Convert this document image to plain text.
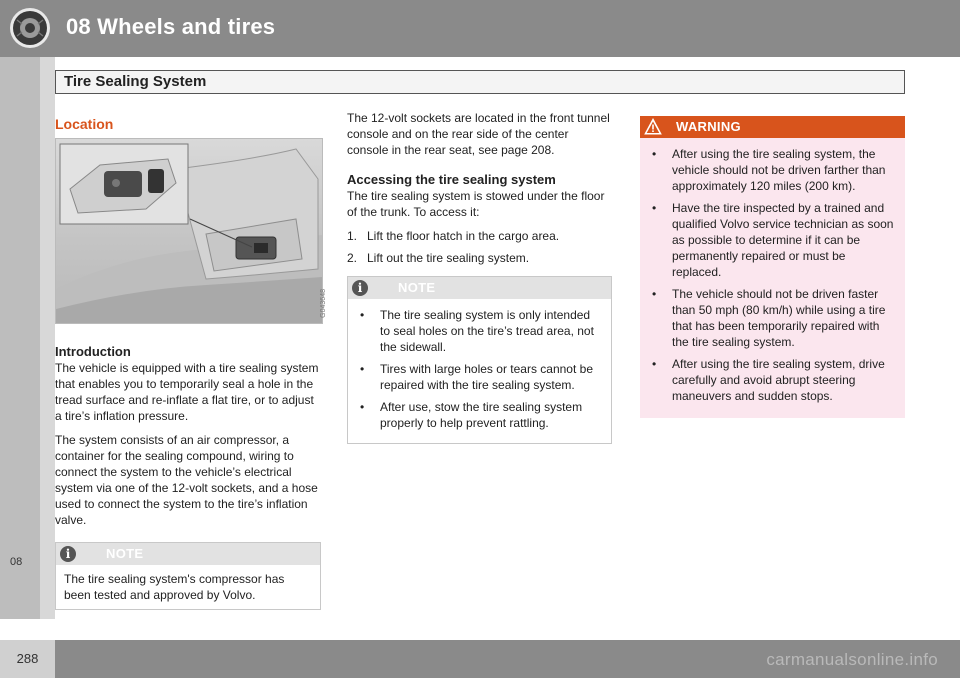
08 Wheels and tires
Tire Sealing System
08
Location
G043648
Introduction

The vehicle is equipped with a tire sealing system that enables you to temporarily seal a hole in the tread surface and re-inflate a flat tire, or to adjust a tire’s inflation pressure.

The system consists of an air compressor, a container for the sealing compound, wiring to connect the system to the vehicle’s electrical system via one of the 12-volt sockets, and a hose used to connect the system to the tire’s inflation valve.

i	NOTE
The tire sealing system's compressor has been tested and approved by Volvo.

The 12-volt sockets are located in the front tunnel console and on the rear side of the center console in the rear seat, see page 208.

Accessing the tire sealing system

The tire sealing system is stowed under the floor of the trunk. To access it:

1. Lift the floor hatch in the cargo area.
2. Lift out the tire sealing system.
i	NOTE
• The tire sealing system is only intended to seal holes on the tire’s tread area, not the sidewall.
• Tires with large holes or tears cannot be repaired with the tire sealing system.
• After use, stow the tire sealing system properly to help prevent rattling.
WARNING
• After using the tire sealing system, the vehicle should not be driven farther than approximately 120 miles (200 km).
• Have the tire inspected by a trained and qualified Volvo service technician as soon as possible to determine if it can be permanently repaired or must be replaced.
• The vehicle should not be driven faster than 50 mph (80 km/h) while using a tire that has been temporarily repaired with the tire sealing system.
• After using the tire sealing system, drive carefully and avoid abrupt steering maneuvers and sudden stops.
288	carmanualsonline.info
